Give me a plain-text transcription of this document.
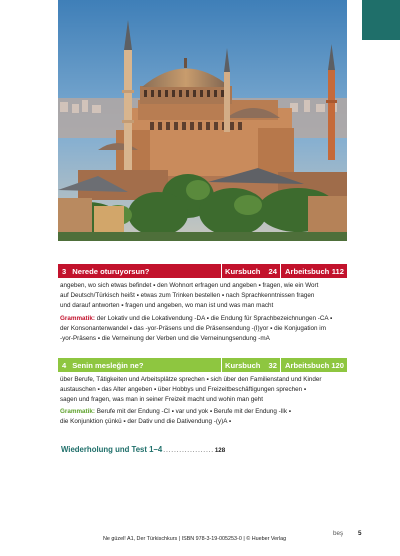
3 Nerede oturuyorsun?	Kursbuch 24 Arbeitsbuch 112
angeben, wo sich etwas befindet ▪ den Wohnort erfragen und angeben ▪ fragen, wie ein Wort
auf Deutsch/Türkisch heißt ▪ etwas zum Trinken bestellen ▪ nach Sprachkenntnissen fragen
und darauf antworten ▪ fragen und angeben, wo man ist und was man macht
Grammatik: der Lokativ und die Lokativendung -DA ▪ die Endung für Sprachbezeichnungen -CA ▪
der Konsonantenwandel ▪ das -yor-Präsens und die Präsensendung -(I)yor ▪ die Konjugation im
-yor-Präsens ▪ die Verneinung der Verben und die Verneinungsendung -mA
4 Senin mesleğin ne?	Kursbuch 32 Arbeitsbuch 120
über Berufe, Tätigkeiten und Arbeitsplätze sprechen ▪ sich über den Familienstand und Kinder
austauschen ▪ das Alter angeben ▪ über Hobbys und Freizeitbeschäftigungen sprechen ▪
sagen und fragen, was man in seiner Freizeit macht und wohin man geht
Grammatik: Berufe mit der Endung -CI ▪ var und yok ▪ Berufe mit der Endung -lIk ▪
die Konjunktion çünkü ▪ der Dativ und die Dativendung -(y)A ▪
Wiederholung und Test 1–4 ................... 128
beş 5
Ne güzel! A1, Der Türkischkurs | ISBN 978-3-19-005253-0 | © Hueber Verlag
